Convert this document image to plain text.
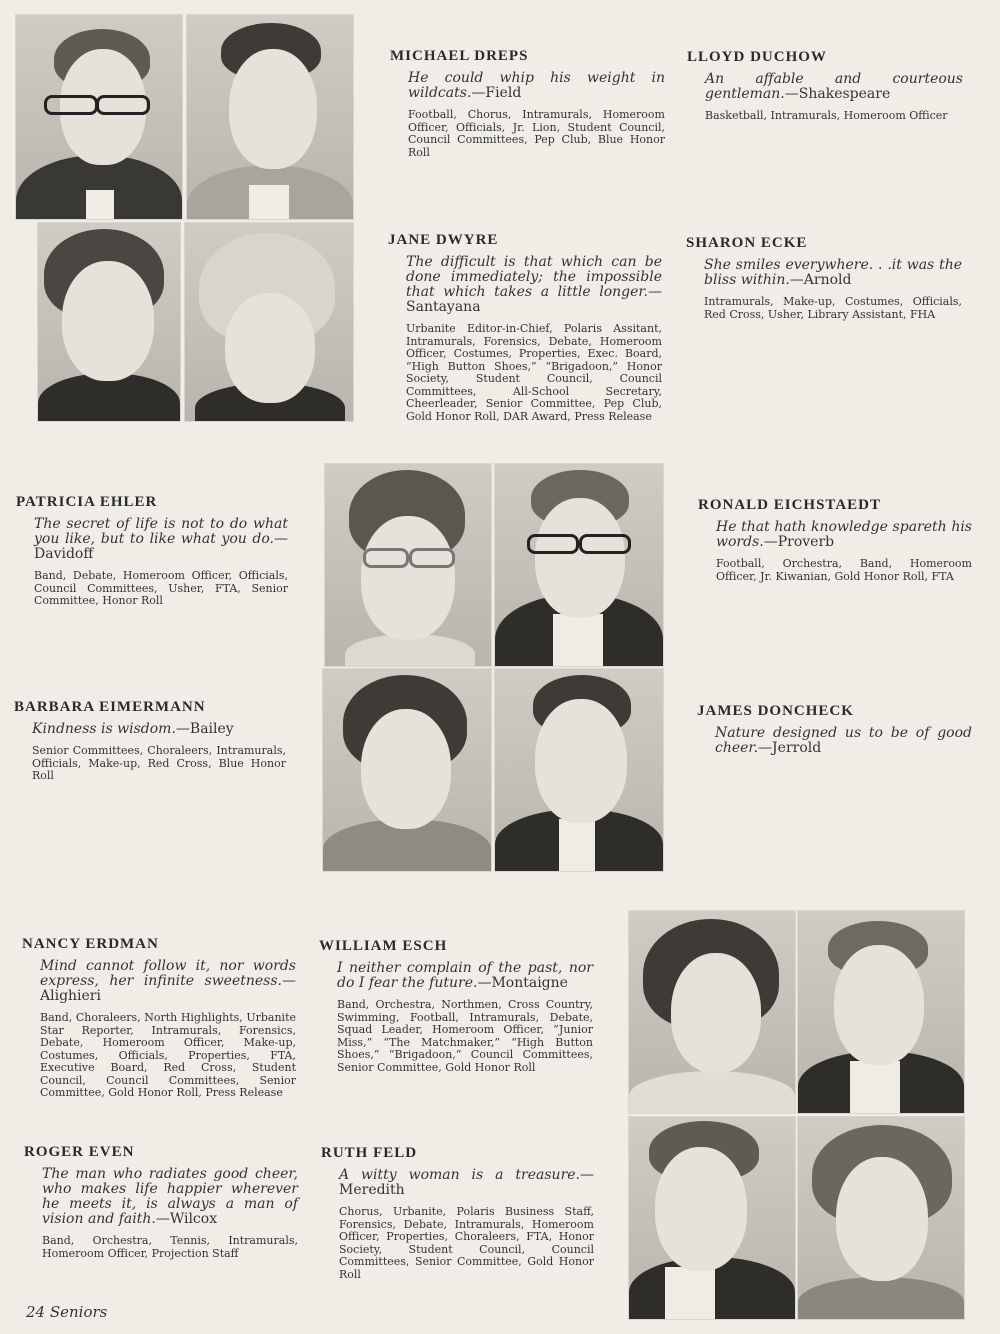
MICHAEL DREPS

He could whip his weight in wildcats.—Field

Football, Chorus, Intramurals, Homeroom Officer, Officials, Jr. Lion, Student Council, Council Committees, Pep Club, Blue Honor Roll

LLOYD DUCHOW

An affable and courteous gentleman.—Shakespeare

Basketball, Intramurals, Homeroom Officer

JANE DWYRE

The difficult is that which can be done immediately; the impossible that which takes a little longer.—Santayana

Urbanite Editor-in-Chief, Polaris Assitant, Intramurals, Forensics, Debate, Homeroom Officer, Costumes, Properties, Exec. Board, “High Button Shoes,” “Brigadoon,” Honor Society, Student Council, Council Committees, All-School Secretary, Cheerleader, Senior Committee, Pep Club, Gold Honor Roll, DAR Award, Press Release

SHARON ECKE

She smiles everywhere. . .it was the bliss within.—Arnold

Intramurals, Make-up, Costumes, Officials, Red Cross, Usher, Library Assistant, FHA

PATRICIA EHLER

The secret of life is not to do what you like, but to like what you do.—Davidoff

Band, Debate, Homeroom Officer, Officials, Council Committees, Usher, FTA, Senior Committee, Honor Roll

RONALD EICHSTAEDT

He that hath knowledge spareth his words.—Proverb

Football, Orchestra, Band, Homeroom Officer, Jr. Kiwanian, Gold Honor Roll, FTA

BARBARA EIMERMANN

Kindness is wisdom.—Bailey

Senior Committees, Choraleers, Intramurals, Officials, Make-up, Red Cross, Blue Honor Roll

JAMES DONCHECK

Nature designed us to be of good cheer.—Jerrold

NANCY ERDMAN

Mind cannot follow it, nor words express, her infinite sweetness.—Alighieri

Band, Choraleers, North Highlights, Urbanite Star Reporter, Intramurals, Forensics, Debate, Homeroom Officer, Make-up, Costumes, Officials, Properties, FTA, Executive Board, Red Cross, Student Council, Council Committees, Senior Committee, Gold Honor Roll, Press Release

WILLIAM ESCH

I neither complain of the past, nor do I fear the future.—Montaigne

Band, Orchestra, Northmen, Cross Country, Swimming, Football, Intramurals, Debate, Squad Leader, Homeroom Officer, “Junior Miss,” “The Matchmaker,” “High Button Shoes,” “Brigadoon,” Council Committees, Senior Committee, Gold Honor Roll

ROGER EVEN

The man who radiates good cheer, who makes life happier wherever he meets it, is always a man of vision and faith.—Wilcox

Band, Orchestra, Tennis, Intramurals, Homeroom Officer, Projection Staff

RUTH FELD

A witty woman is a treasure.—Meredith

Chorus, Urbanite, Polaris Business Staff, Forensics, Debate, Intramurals, Homeroom Officer, Properties, Choraleers, FTA, Honor Society, Student Council, Council Committees, Senior Committee, Gold Honor Roll

24 Seniors
